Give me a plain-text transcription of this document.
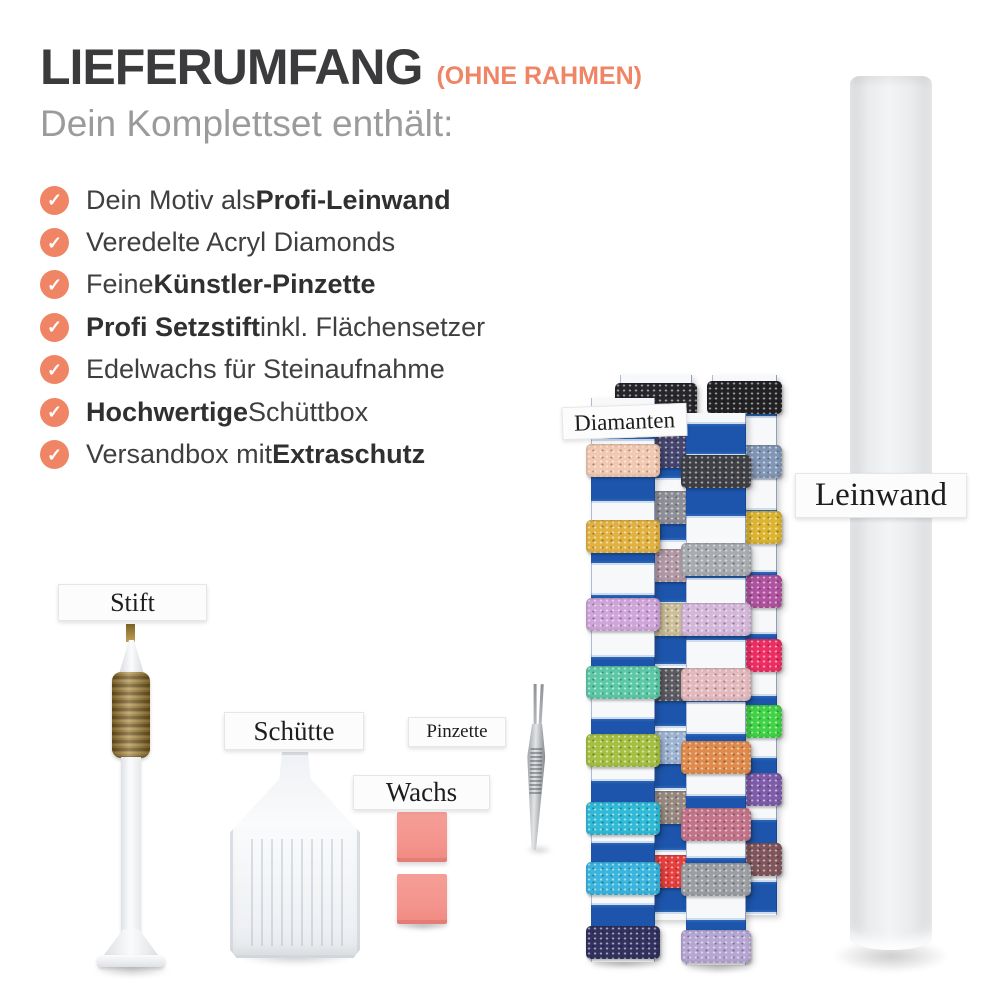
LIEFERUMFANG (OHNE RAHMEN)
Dein Komplettset enthält:
✓ Dein Motiv als Profi-Leinwand
✓ Veredelte Acryl Diamonds
✓ Feine Künstler-Pinzette
✓ Profi Setzstift inkl. Flächensetzer
✓ Edelwachs für Steinaufnahme
✓ Hochwertige Schüttbox
✓ Versandbox mit Extraschutz
Stift
Schütte	Pinzette
Wachs
Diamanten
Leinwand
